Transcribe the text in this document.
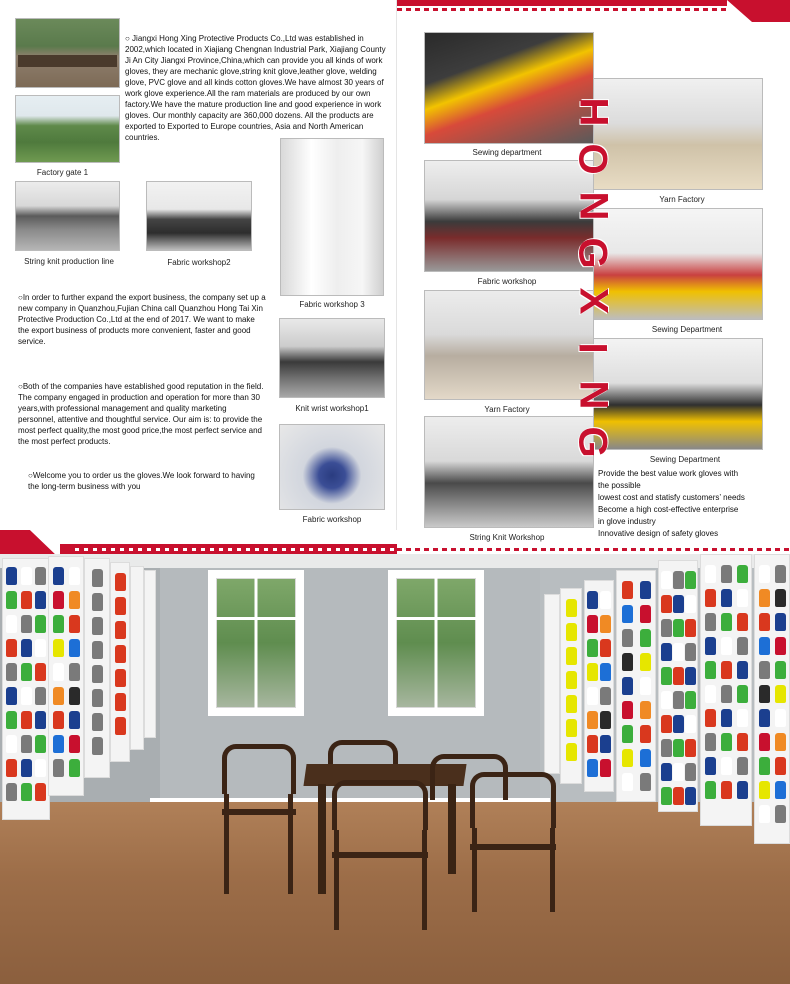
Factory gate 1
○ Jiangxi Hong Xing Protective Products Co.,Ltd was established in 2002,which located in Xiajiang Chengnan Industrial Park, Xiajiang County Ji An City Jiangxi Province,China,which can provide you all kinds of work gloves, they are mechanic glove,string knit glove,leather glove, welding glove, PVC glove and all kinds cotton gloves.We have almost 30 years of work glove experience.All the ram materials are produced by our own factory.We have the mature production line and good experience in work gloves. Our monthly capacity are 360,000 dozens. All the products are exported to Exported to Europe countries, Asia and North American countries.
String knit production line	Fabric workshop2
Fabric workshop 3
○In order to further expand the export business, the company set up a new company in Quanzhou,Fujian China call Quanzhou Hong Tai Xin Protective Production Co.,Ltd at the end of 2017. We want to make the export business of products more convenient, faster and good service.
Knit wrist workshop1
○Both of the companies have established good reputation in the field. The company engaged in production and operation for more than 30 years,with professional management and quality marketing personnel, attentive and thoughtful service. Our aim is: to provide the most perfect quality,the most good price,the most perfect service and the most perfect products.
Fabric workshop
○Welcome you to order us the gloves.We look forward to having the long-term business with you
Sewing department
Yarn Factory
Fabric workshop
Sewing Department
Yarn Factory
Sewing Department
String Knit Workshop
H
O
N
G
X
I
N
G
Provide the best value work gloves with
the possible
lowest cost and statisfy customers’ needs
Become a high cost-effective enterprise
in glove industry
Innovative design of safety gloves
